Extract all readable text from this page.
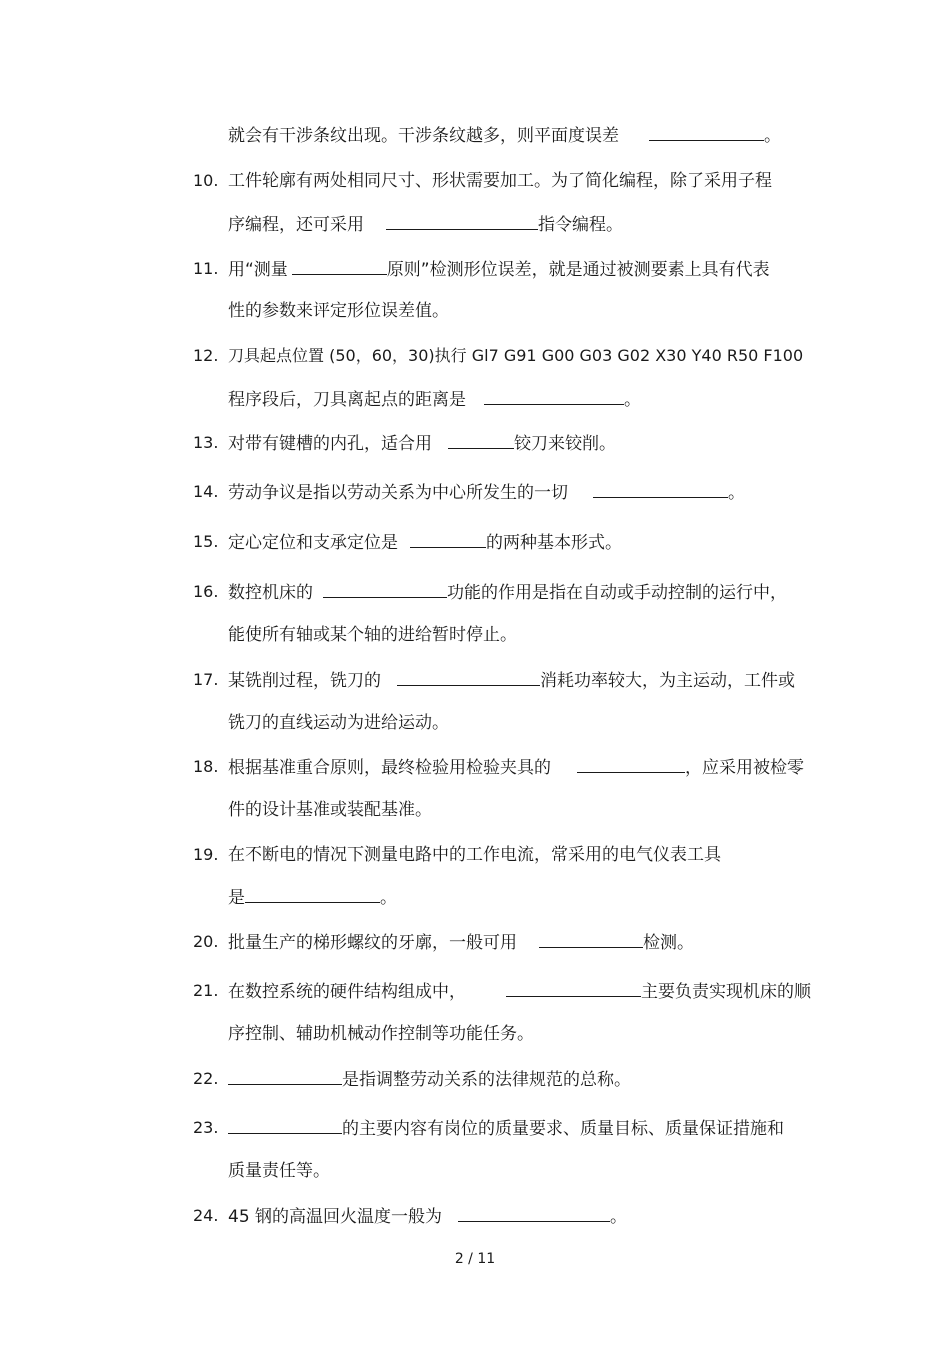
就会有干涉条纹出现。干涉条纹越多，则平面度误差	。
10. 工件轮廓有两处相同尺寸、形状需要加工。为了简化编程，除了采用子程
序编程，还可采用	指令编程。
11. 用“测量	原则”检测形位误差，就是通过被测要素上具有代表
性的参数来评定形位误差值。
12. 刀具起点位置 (50，60，30)执行 Gl7 G91 G00 G03 G02 X30 Y40 R50 F100
程序段后，刀具离起点的距离是	。
13. 对带有键槽的内孔，适合用	铰刀来铰削。
14. 劳动争议是指以劳动关系为中心所发生的一切	。
15. 定心定位和支承定位是	的两种基本形式。
16. 数控机床的	功能的作用是指在自动或手动控制的运行中，
能使所有轴或某个轴的进给暂时停止。
17. 某铣削过程，铣刀的	消耗功率较大，为主运动，工件或
铣刀的直线运动为进给运动。
18. 根据基准重合原则，最终检验用检验夹具的	，应采用被检零
件的设计基准或装配基准。
19. 在不断电的情况下测量电路中的工作电流，常采用的电气仪表工具
是	。
20. 批量生产的梯形螺纹的牙廓，一般可用	检测。
21. 在数控系统的硬件结构组成中，	主要负责实现机床的顺
序控制、辅助机械动作控制等功能任务。
22.	是指调整劳动关系的法律规范的总称。
23.	的主要内容有岗位的质量要求、质量目标、质量保证措施和
质量责任等。
24. 45 钢的高温回火温度一般为	。
2 / 11
